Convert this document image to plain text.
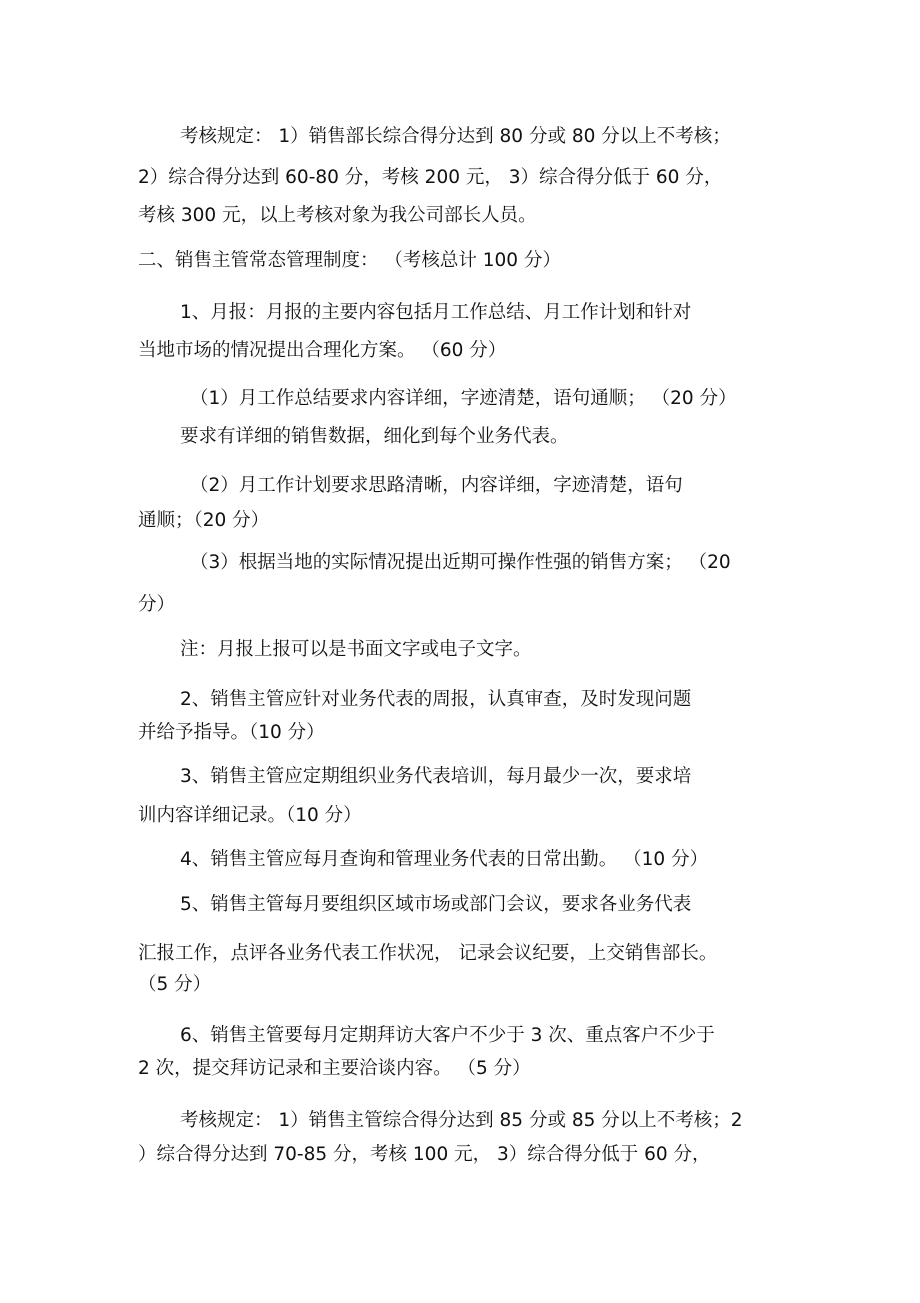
考核规定： 1）销售部长综合得分达到 80 分或 80 分以上不考核；

2）综合得分达到 60-80 分，考核 200 元， 3）综合得分低于 60 分，

考核 300 元，以上考核对象为我公司部长人员。

二、销售主管常态管理制度： （考核总计 100 分）

1、月报：月报的主要内容包括月工作总结、月工作计划和针对

当地市场的情况提出合理化方案。 （60 分）

（1）月工作总结要求内容详细，字迹清楚，语句通顺； （20 分）

要求有详细的销售数据，细化到每个业务代表。

（2）月工作计划要求思路清晰，内容详细，字迹清楚，语句

通顺；（20 分）

（3）根据当地的实际情况提出近期可操作性强的销售方案； （20

分）

注：月报上报可以是书面文字或电子文字。

2、销售主管应针对业务代表的周报，认真审查，及时发现问题

并给予指导。（10 分）

3、销售主管应定期组织业务代表培训，每月最少一次，要求培

训内容详细记录。（10 分）

4、销售主管应每月查询和管理业务代表的日常出勤。 （10 分）

5、销售主管每月要组织区域市场或部门会议，要求各业务代表

汇报工作，点评各业务代表工作状况， 记录会议纪要，上交销售部长。

（5 分）

6、销售主管要每月定期拜访大客户不少于 3 次、重点客户不少于

2 次，提交拜访记录和主要洽谈内容。 （5 分）

考核规定： 1）销售主管综合得分达到 85 分或 85 分以上不考核；2

）综合得分达到 70-85 分，考核 100 元， 3）综合得分低于 60 分，
